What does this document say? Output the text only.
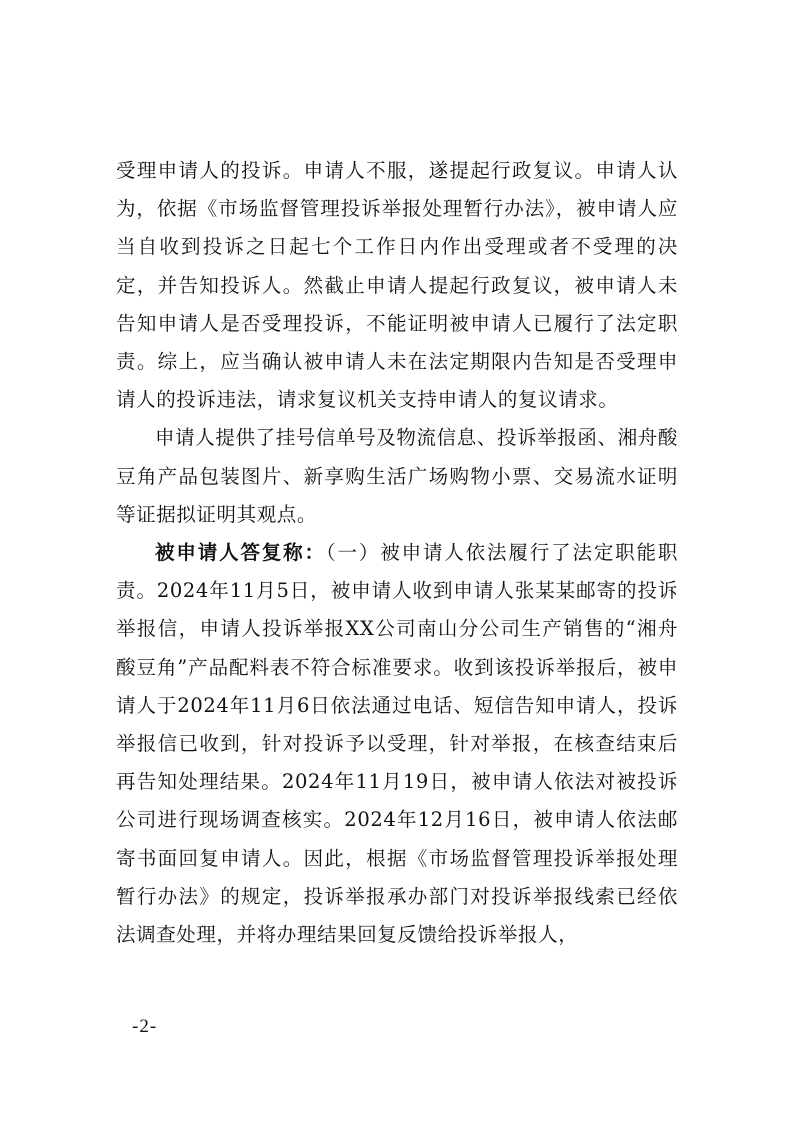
受理申请人的投诉。申请人不服，遂提起行政复议。申请人认为，依据《市场监督管理投诉举报处理暂行办法》，被申请人应当自收到投诉之日起七个工作日内作出受理或者不受理的决定，并告知投诉人。然截止申请人提起行政复议，被申请人未告知申请人是否受理投诉，不能证明被申请人已履行了法定职责。综上，应当确认被申请人未在法定期限内告知是否受理申请人的投诉违法，请求复议机关支持申请人的复议请求。

申请人提供了挂号信单号及物流信息、投诉举报函、湘舟酸豆角产品包装图片、新享购生活广场购物小票、交易流水证明等证据拟证明其观点。

被申请人答复称：（一）被申请人依法履行了法定职能职责。2024年11月5日，被申请人收到申请人张某某邮寄的投诉举报信，申请人投诉举报XX公司南山分公司生产销售的“湘舟酸豆角”产品配料表不符合标准要求。收到该投诉举报后，被申请人于2024年11月6日依法通过电话、短信告知申请人，投诉举报信已收到，针对投诉予以受理，针对举报，在核查结束后再告知处理结果。2024年11月19日，被申请人依法对被投诉公司进行现场调查核实。2024年12月16日，被申请人依法邮寄书面回复申请人。因此，根据《市场监督管理投诉举报处理暂行办法》的规定，投诉举报承办部门对投诉举报线索已经依法调查处理，并将办理结果回复反馈给投诉举报人，

-2-
